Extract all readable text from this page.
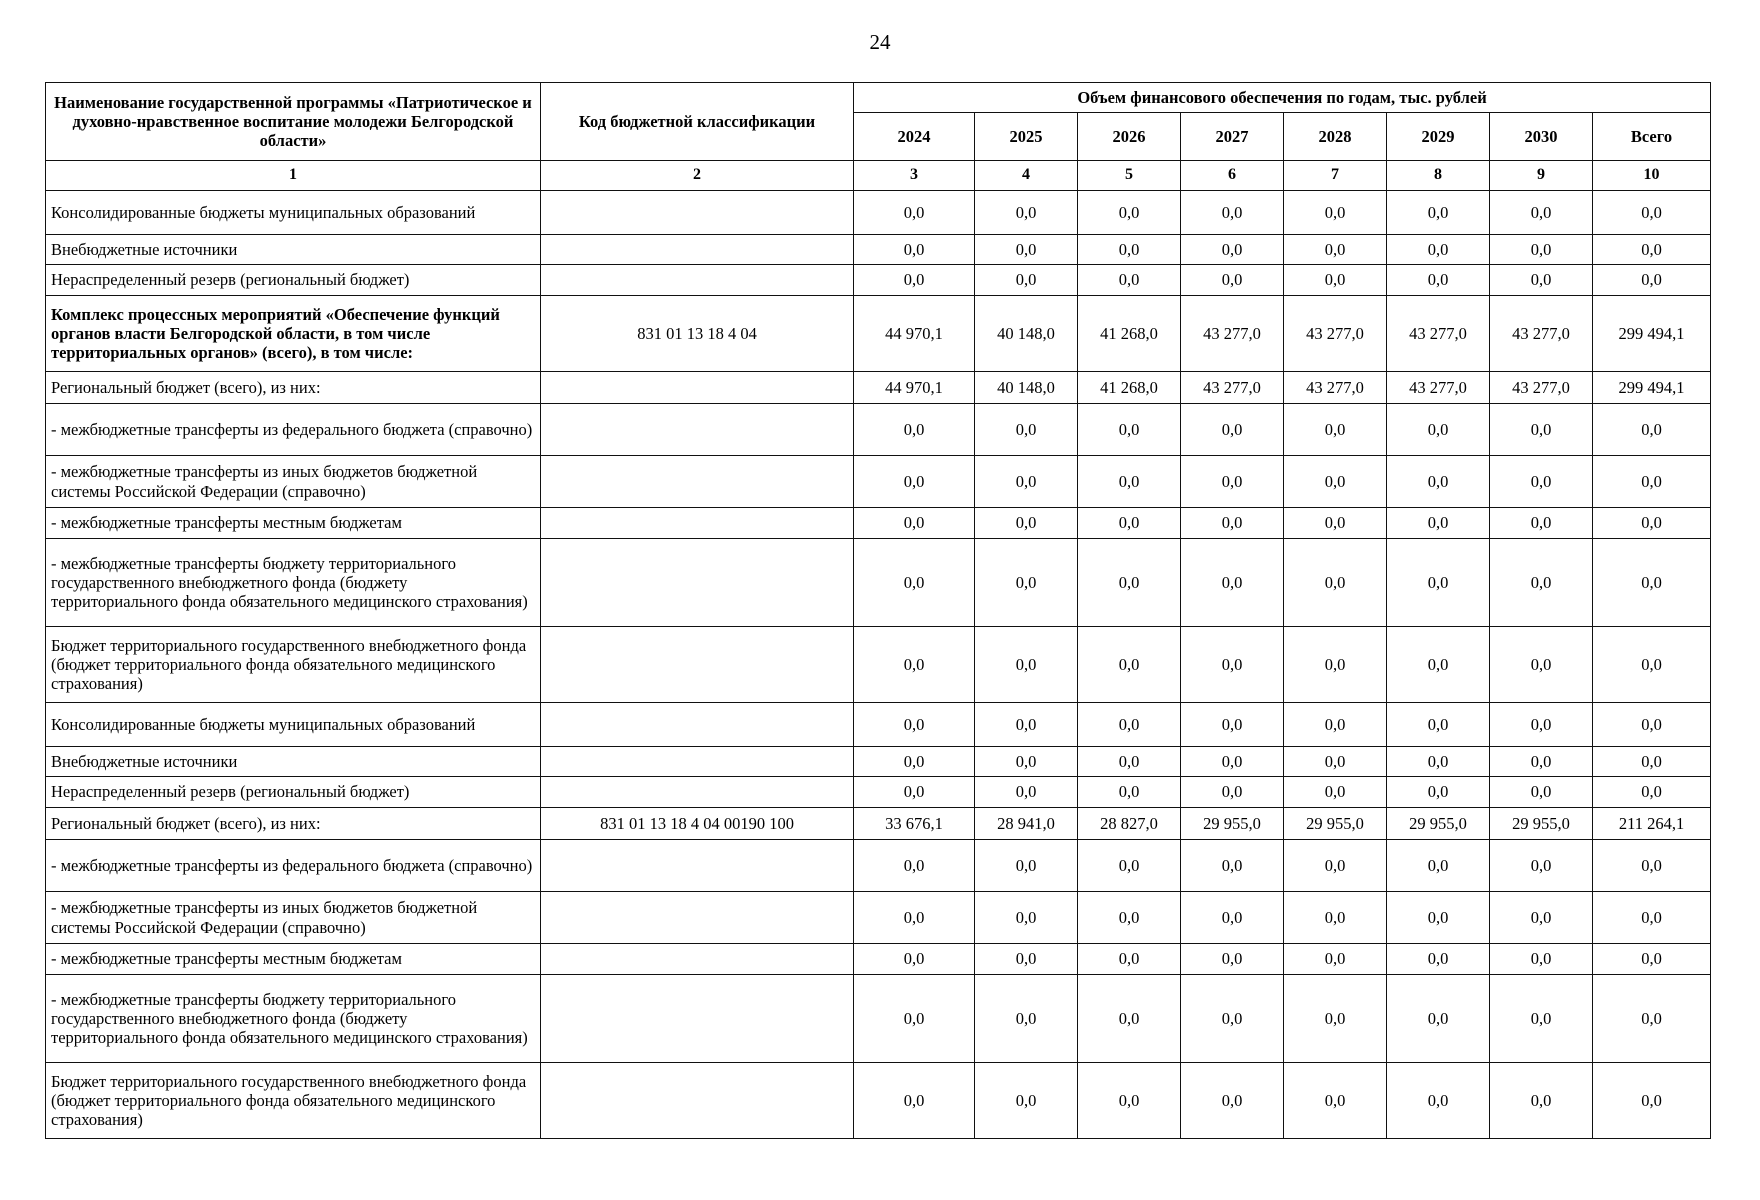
24
Наименование государственной программы «Патриотическое и духовно-нравственное воспитание молодежи Белгородской области»	Код бюджетной классификации	Объем финансового обеспечения по годам, тыс. рублей							
		2024	2025	2026	2027	2028	2029	2030	Всего
1	2	3	4	5	6	7	8	9	10
Консолидированные бюджеты муниципальных образований		0,0	0,0	0,0	0,0	0,0	0,0	0,0	0,0
Внебюджетные источники		0,0	0,0	0,0	0,0	0,0	0,0	0,0	0,0
Нераспределенный резерв (региональный бюджет)		0,0	0,0	0,0	0,0	0,0	0,0	0,0	0,0
Комплекс процессных мероприятий «Обеспечение функций органов власти Белгородской области, в том числе территориальных органов» (всего), в том числе:	831 01 13 18 4 04	44 970,1	40 148,0	41 268,0	43 277,0	43 277,0	43 277,0	43 277,0	299 494,1
Региональный бюджет (всего), из них:		44 970,1	40 148,0	41 268,0	43 277,0	43 277,0	43 277,0	43 277,0	299 494,1
- межбюджетные трансферты из федерального бюджета (справочно)		0,0	0,0	0,0	0,0	0,0	0,0	0,0	0,0
- межбюджетные трансферты из иных бюджетов бюджетной системы Российской Федерации (справочно)		0,0	0,0	0,0	0,0	0,0	0,0	0,0	0,0
- межбюджетные трансферты местным бюджетам		0,0	0,0	0,0	0,0	0,0	0,0	0,0	0,0
- межбюджетные трансферты бюджету территориального государственного внебюджетного фонда (бюджету территориального фонда обязательного медицинского страхования)		0,0	0,0	0,0	0,0	0,0	0,0	0,0	0,0
Бюджет территориального государственного внебюджетного фонда (бюджет территориального фонда обязательного медицинского страхования)		0,0	0,0	0,0	0,0	0,0	0,0	0,0	0,0
Консолидированные бюджеты муниципальных образований		0,0	0,0	0,0	0,0	0,0	0,0	0,0	0,0
Внебюджетные источники		0,0	0,0	0,0	0,0	0,0	0,0	0,0	0,0
Нераспределенный резерв (региональный бюджет)		0,0	0,0	0,0	0,0	0,0	0,0	0,0	0,0
Региональный бюджет (всего), из них:	831 01 13 18 4 04 00190 100	33 676,1	28 941,0	28 827,0	29 955,0	29 955,0	29 955,0	29 955,0	211 264,1
- межбюджетные трансферты из федерального бюджета (справочно)		0,0	0,0	0,0	0,0	0,0	0,0	0,0	0,0
- межбюджетные трансферты из иных бюджетов бюджетной системы Российской Федерации (справочно)		0,0	0,0	0,0	0,0	0,0	0,0	0,0	0,0
- межбюджетные трансферты местным бюджетам		0,0	0,0	0,0	0,0	0,0	0,0	0,0	0,0
- межбюджетные трансферты бюджету территориального государственного внебюджетного фонда (бюджету территориального фонда обязательного медицинского страхования)		0,0	0,0	0,0	0,0	0,0	0,0	0,0	0,0
Бюджет территориального государственного внебюджетного фонда (бюджет территориального фонда обязательного медицинского страхования)		0,0	0,0	0,0	0,0	0,0	0,0	0,0	0,0
